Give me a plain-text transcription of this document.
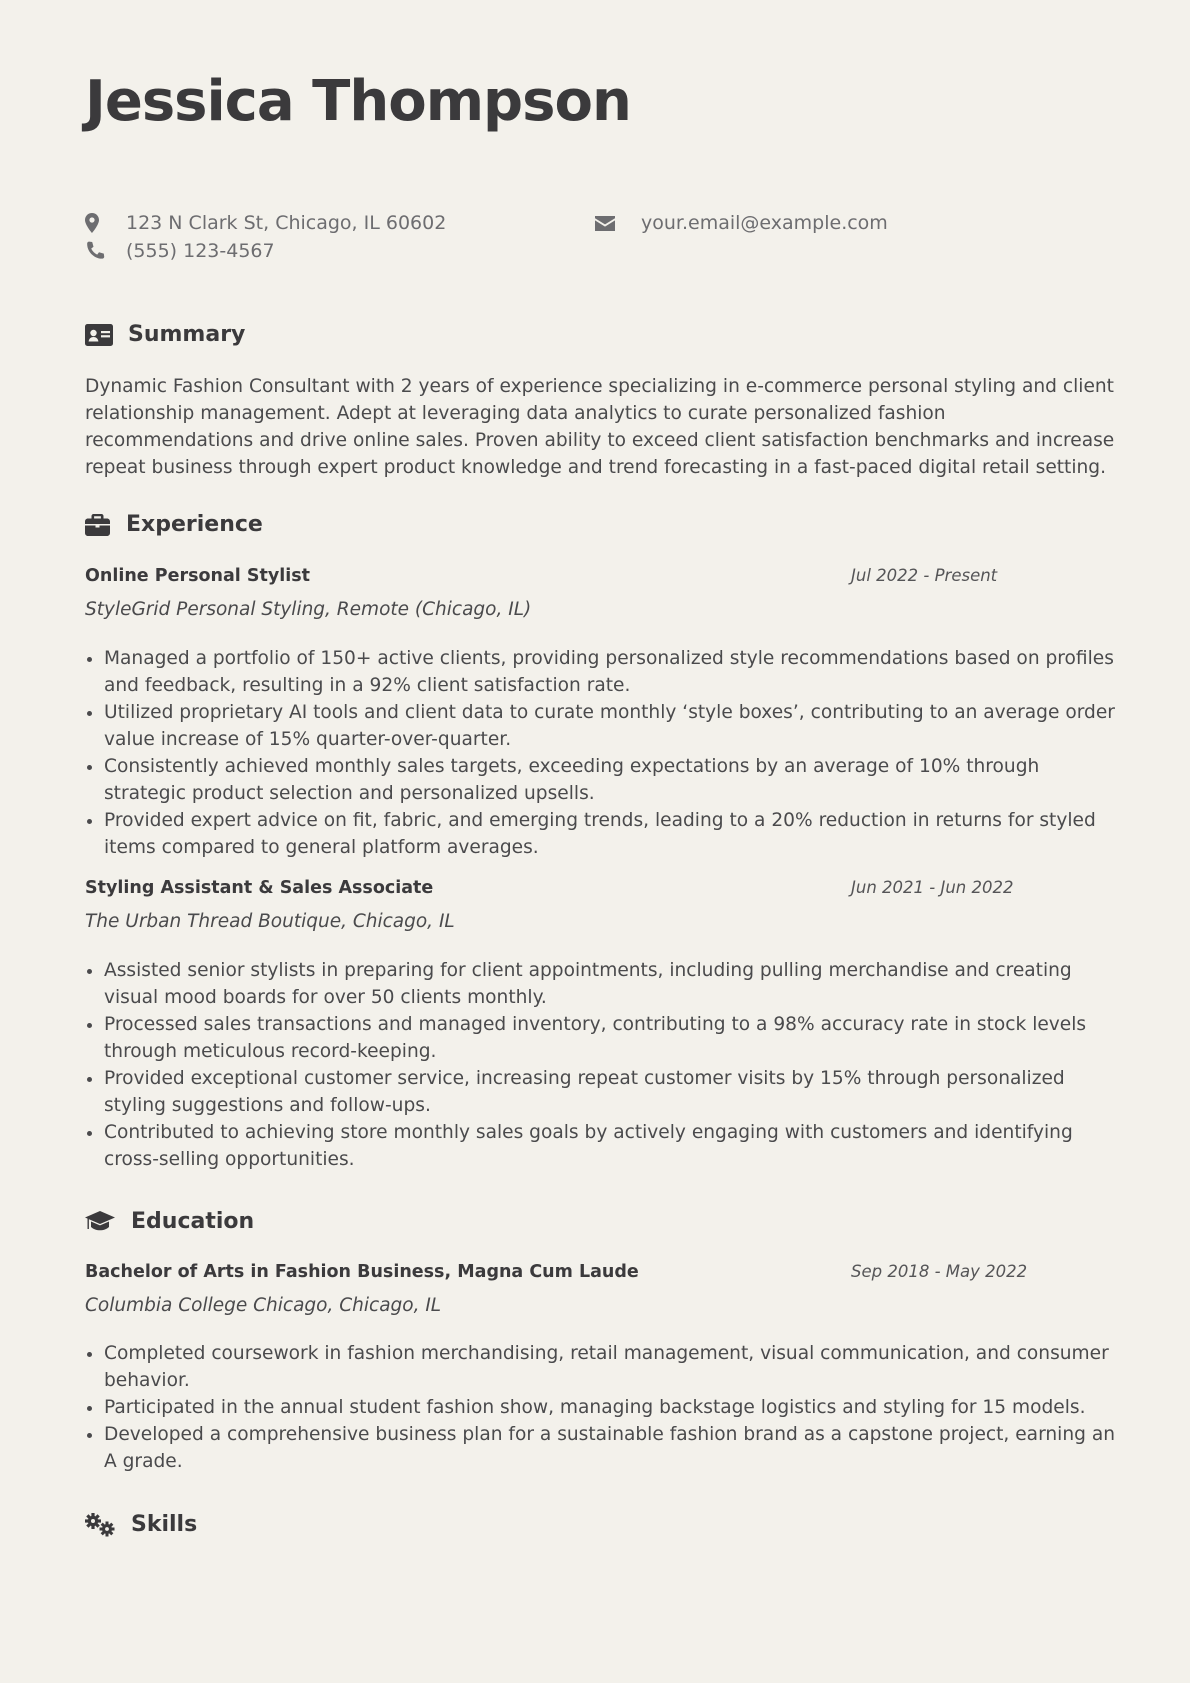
Jessica Thompson
123 N Clark St, Chicago, IL 60602	your.email@example.com
(555) 123-4567
Summary

Dynamic Fashion Consultant with 2 years of experience specializing in e-commerce personal styling and client relationship management. Adept at leveraging data analytics to curate personalized fashion recommendations and drive online sales. Proven ability to exceed client satisfaction benchmarks and increase repeat business through expert product knowledge and trend forecasting in a fast-paced digital retail setting.

Experience

Online Personal Stylist	Jul 2022 - Present

StyleGrid Personal Styling, Remote (Chicago, IL)

Managed a portfolio of 150+ active clients, providing personalized style recommendations based on profiles and feedback, resulting in a 92% client satisfaction rate.
Utilized proprietary AI tools and client data to curate monthly ‘style boxes’, contributing to an average order value increase of 15% quarter-over-quarter.
Consistently achieved monthly sales targets, exceeding expectations by an average of 10% through strategic product selection and personalized upsells.
Provided expert advice on fit, fabric, and emerging trends, leading to a 20% reduction in returns for styled items compared to general platform averages.

Styling Assistant & Sales Associate	Jun 2021 - Jun 2022

The Urban Thread Boutique, Chicago, IL

Assisted senior stylists in preparing for client appointments, including pulling merchandise and creating visual mood boards for over 50 clients monthly.
Processed sales transactions and managed inventory, contributing to a 98% accuracy rate in stock levels through meticulous record-keeping.
Provided exceptional customer service, increasing repeat customer visits by 15% through personalized styling suggestions and follow-ups.
Contributed to achieving store monthly sales goals by actively engaging with customers and identifying cross-selling opportunities.
Education

Bachelor of Arts in Fashion Business, Magna Cum Laude	Sep 2018 - May 2022

Columbia College Chicago, Chicago, IL

Completed coursework in fashion merchandising, retail management, visual communication, and consumer behavior.
Participated in the annual student fashion show, managing backstage logistics and styling for 15 models.
Developed a comprehensive business plan for a sustainable fashion brand as a capstone project, earning an A grade.
Skills
